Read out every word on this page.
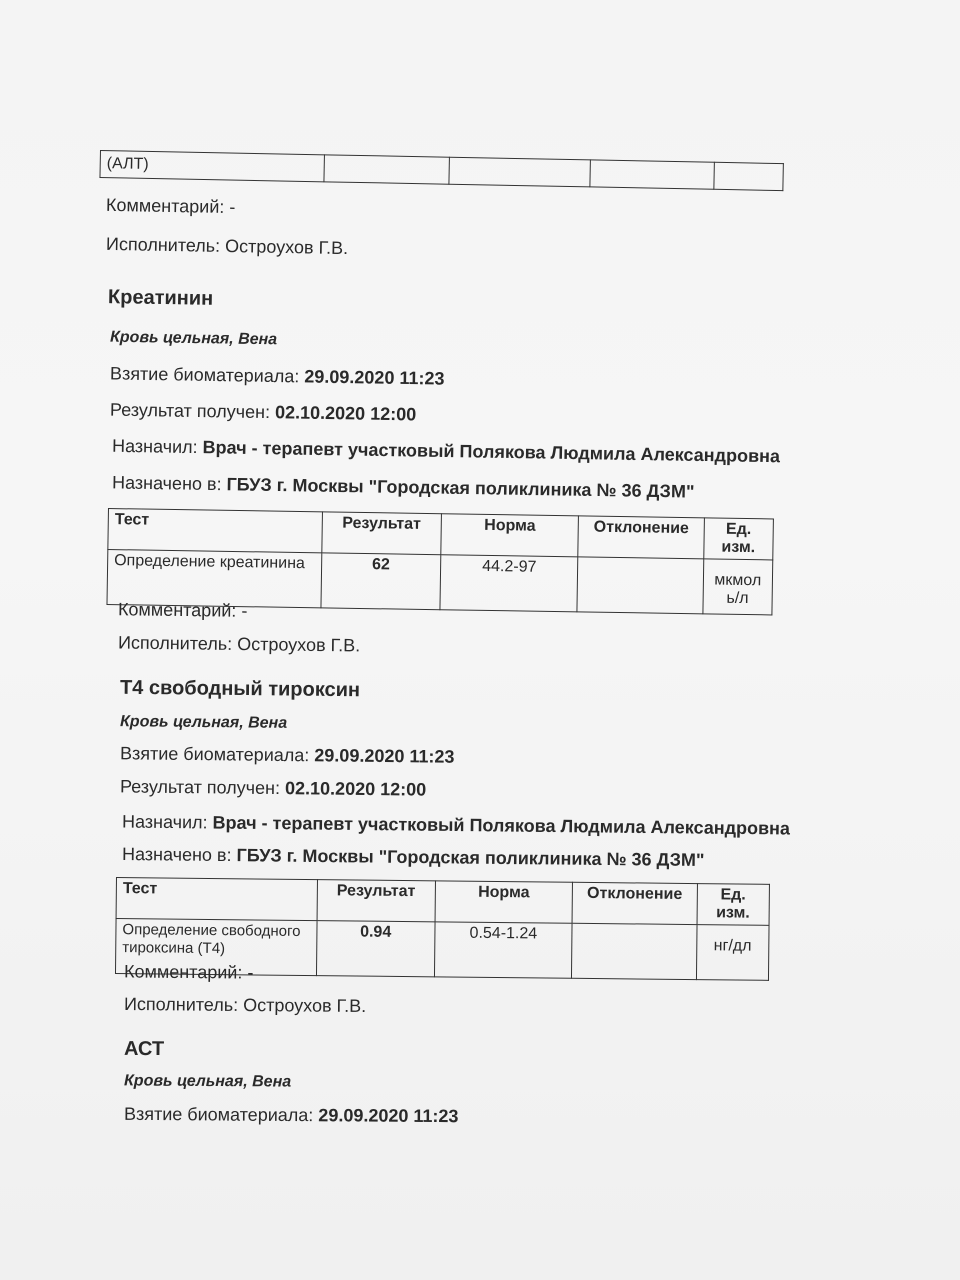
(АЛТ)				
Комментарий: -
Исполнитель: Остроухов Г.В.
Креатинин
Кровь цельная, Вена
Взятие биоматериала: 29.09.2020 11:23
Результат получен: 02.10.2020 12:00
Назначил: Врач - терапевт участковый Полякова Людмила Александровна
Назначено в: ГБУЗ г. Москвы "Городская поликлиника № 36 ДЗМ"
Тест	Результат	Норма	Отклонение	Ед. изм.
Определение креатинина	62	44.2-97		мкмоль/л
Комментарий: -
Исполнитель: Остроухов Г.В.
Т4 свободный тироксин
Кровь цельная, Вена
Взятие биоматериала: 29.09.2020 11:23
Результат получен: 02.10.2020 12:00
Назначил: Врач - терапевт участковый Полякова Людмила Александровна
Назначено в: ГБУЗ г. Москвы "Городская поликлиника № 36 ДЗМ"
Тест	Результат	Норма	Отклонение	Ед. изм.
Определение свободного тироксина (Т4)	0.94	0.54-1.24		нг/дл
Комментарий: -
Исполнитель: Остроухов Г.В.
АСТ
Кровь цельная, Вена
Взятие биоматериала: 29.09.2020 11:23
